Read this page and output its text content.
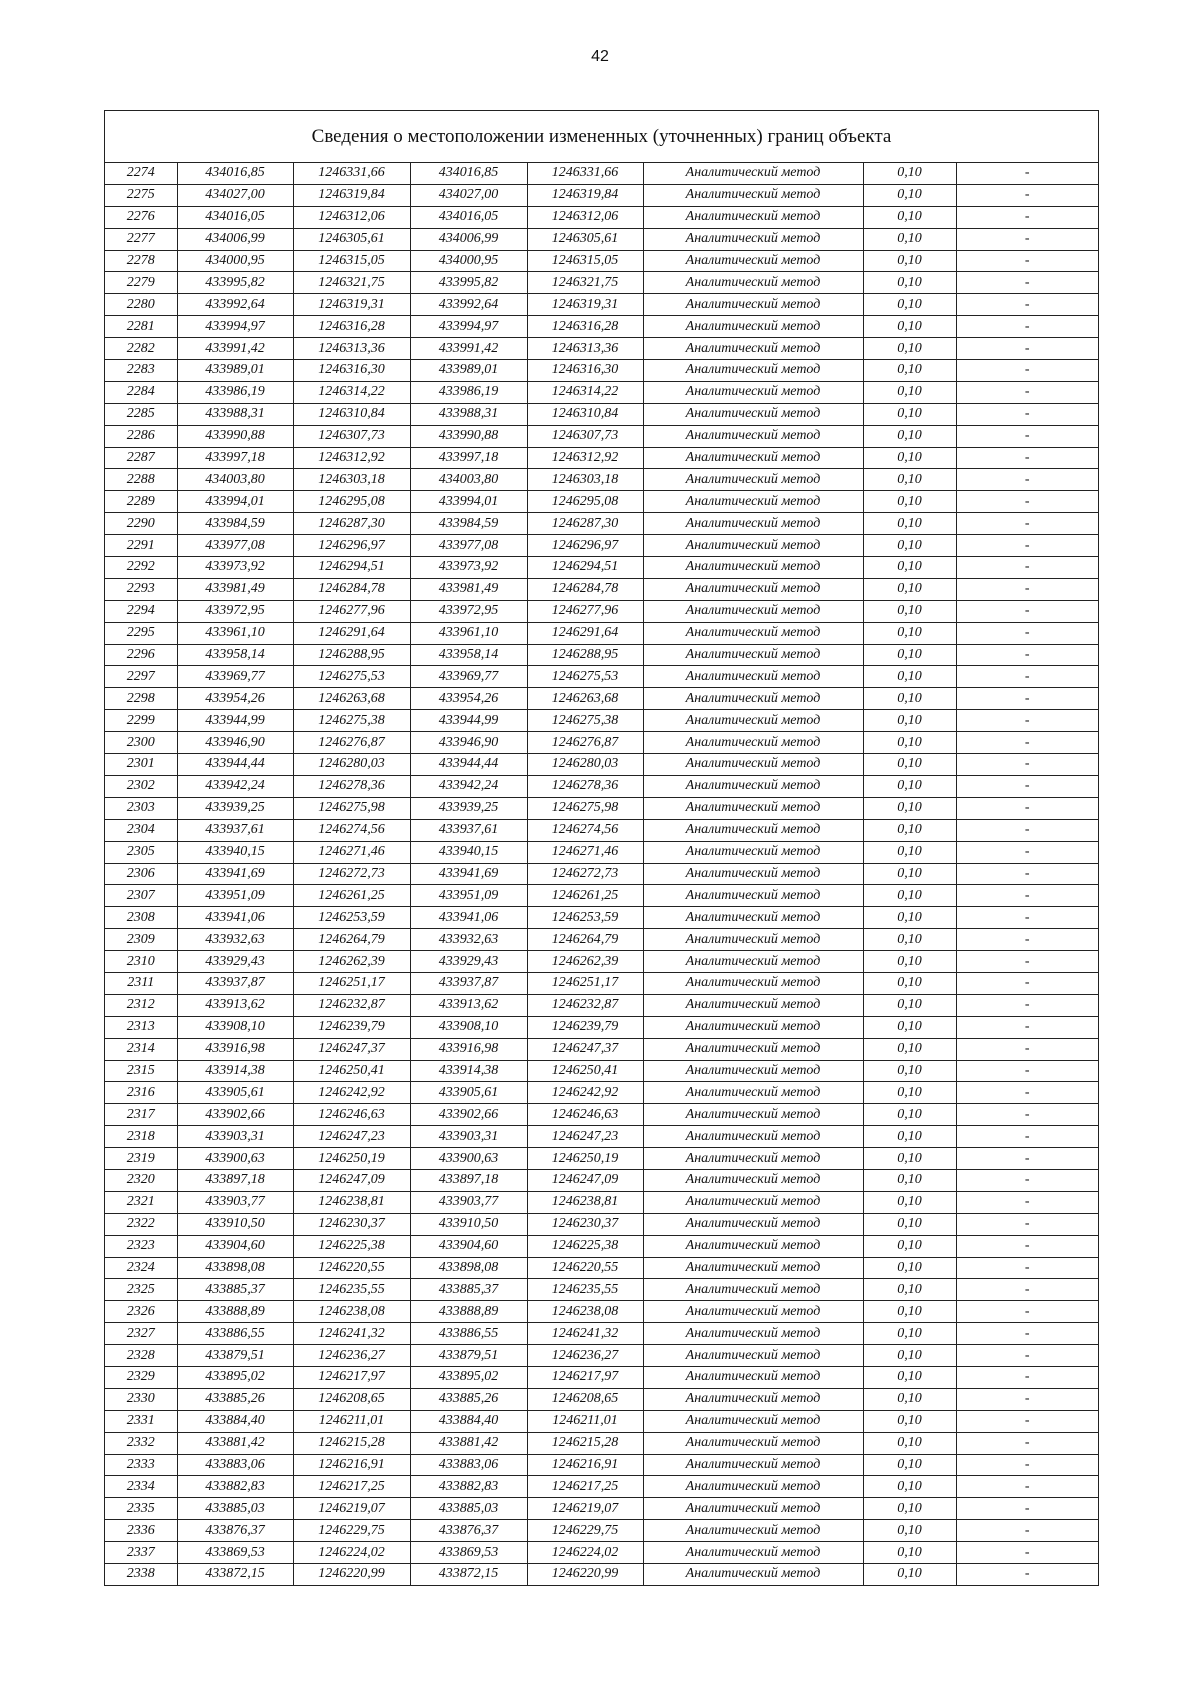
42
Сведения о местоположении измененных (уточненных) границ объекта
2274	434016,85	1246331,66	434016,85	1246331,66	Аналитический метод	0,10	-
2275	434027,00	1246319,84	434027,00	1246319,84	Аналитический метод	0,10	-
2276	434016,05	1246312,06	434016,05	1246312,06	Аналитический метод	0,10	-
2277	434006,99	1246305,61	434006,99	1246305,61	Аналитический метод	0,10	-
2278	434000,95	1246315,05	434000,95	1246315,05	Аналитический метод	0,10	-
2279	433995,82	1246321,75	433995,82	1246321,75	Аналитический метод	0,10	-
2280	433992,64	1246319,31	433992,64	1246319,31	Аналитический метод	0,10	-
2281	433994,97	1246316,28	433994,97	1246316,28	Аналитический метод	0,10	-
2282	433991,42	1246313,36	433991,42	1246313,36	Аналитический метод	0,10	-
2283	433989,01	1246316,30	433989,01	1246316,30	Аналитический метод	0,10	-
2284	433986,19	1246314,22	433986,19	1246314,22	Аналитический метод	0,10	-
2285	433988,31	1246310,84	433988,31	1246310,84	Аналитический метод	0,10	-
2286	433990,88	1246307,73	433990,88	1246307,73	Аналитический метод	0,10	-
2287	433997,18	1246312,92	433997,18	1246312,92	Аналитический метод	0,10	-
2288	434003,80	1246303,18	434003,80	1246303,18	Аналитический метод	0,10	-
2289	433994,01	1246295,08	433994,01	1246295,08	Аналитический метод	0,10	-
2290	433984,59	1246287,30	433984,59	1246287,30	Аналитический метод	0,10	-
2291	433977,08	1246296,97	433977,08	1246296,97	Аналитический метод	0,10	-
2292	433973,92	1246294,51	433973,92	1246294,51	Аналитический метод	0,10	-
2293	433981,49	1246284,78	433981,49	1246284,78	Аналитический метод	0,10	-
2294	433972,95	1246277,96	433972,95	1246277,96	Аналитический метод	0,10	-
2295	433961,10	1246291,64	433961,10	1246291,64	Аналитический метод	0,10	-
2296	433958,14	1246288,95	433958,14	1246288,95	Аналитический метод	0,10	-
2297	433969,77	1246275,53	433969,77	1246275,53	Аналитический метод	0,10	-
2298	433954,26	1246263,68	433954,26	1246263,68	Аналитический метод	0,10	-
2299	433944,99	1246275,38	433944,99	1246275,38	Аналитический метод	0,10	-
2300	433946,90	1246276,87	433946,90	1246276,87	Аналитический метод	0,10	-
2301	433944,44	1246280,03	433944,44	1246280,03	Аналитический метод	0,10	-
2302	433942,24	1246278,36	433942,24	1246278,36	Аналитический метод	0,10	-
2303	433939,25	1246275,98	433939,25	1246275,98	Аналитический метод	0,10	-
2304	433937,61	1246274,56	433937,61	1246274,56	Аналитический метод	0,10	-
2305	433940,15	1246271,46	433940,15	1246271,46	Аналитический метод	0,10	-
2306	433941,69	1246272,73	433941,69	1246272,73	Аналитический метод	0,10	-
2307	433951,09	1246261,25	433951,09	1246261,25	Аналитический метод	0,10	-
2308	433941,06	1246253,59	433941,06	1246253,59	Аналитический метод	0,10	-
2309	433932,63	1246264,79	433932,63	1246264,79	Аналитический метод	0,10	-
2310	433929,43	1246262,39	433929,43	1246262,39	Аналитический метод	0,10	-
2311	433937,87	1246251,17	433937,87	1246251,17	Аналитический метод	0,10	-
2312	433913,62	1246232,87	433913,62	1246232,87	Аналитический метод	0,10	-
2313	433908,10	1246239,79	433908,10	1246239,79	Аналитический метод	0,10	-
2314	433916,98	1246247,37	433916,98	1246247,37	Аналитический метод	0,10	-
2315	433914,38	1246250,41	433914,38	1246250,41	Аналитический метод	0,10	-
2316	433905,61	1246242,92	433905,61	1246242,92	Аналитический метод	0,10	-
2317	433902,66	1246246,63	433902,66	1246246,63	Аналитический метод	0,10	-
2318	433903,31	1246247,23	433903,31	1246247,23	Аналитический метод	0,10	-
2319	433900,63	1246250,19	433900,63	1246250,19	Аналитический метод	0,10	-
2320	433897,18	1246247,09	433897,18	1246247,09	Аналитический метод	0,10	-
2321	433903,77	1246238,81	433903,77	1246238,81	Аналитический метод	0,10	-
2322	433910,50	1246230,37	433910,50	1246230,37	Аналитический метод	0,10	-
2323	433904,60	1246225,38	433904,60	1246225,38	Аналитический метод	0,10	-
2324	433898,08	1246220,55	433898,08	1246220,55	Аналитический метод	0,10	-
2325	433885,37	1246235,55	433885,37	1246235,55	Аналитический метод	0,10	-
2326	433888,89	1246238,08	433888,89	1246238,08	Аналитический метод	0,10	-
2327	433886,55	1246241,32	433886,55	1246241,32	Аналитический метод	0,10	-
2328	433879,51	1246236,27	433879,51	1246236,27	Аналитический метод	0,10	-
2329	433895,02	1246217,97	433895,02	1246217,97	Аналитический метод	0,10	-
2330	433885,26	1246208,65	433885,26	1246208,65	Аналитический метод	0,10	-
2331	433884,40	1246211,01	433884,40	1246211,01	Аналитический метод	0,10	-
2332	433881,42	1246215,28	433881,42	1246215,28	Аналитический метод	0,10	-
2333	433883,06	1246216,91	433883,06	1246216,91	Аналитический метод	0,10	-
2334	433882,83	1246217,25	433882,83	1246217,25	Аналитический метод	0,10	-
2335	433885,03	1246219,07	433885,03	1246219,07	Аналитический метод	0,10	-
2336	433876,37	1246229,75	433876,37	1246229,75	Аналитический метод	0,10	-
2337	433869,53	1246224,02	433869,53	1246224,02	Аналитический метод	0,10	-
2338	433872,15	1246220,99	433872,15	1246220,99	Аналитический метод	0,10	-
